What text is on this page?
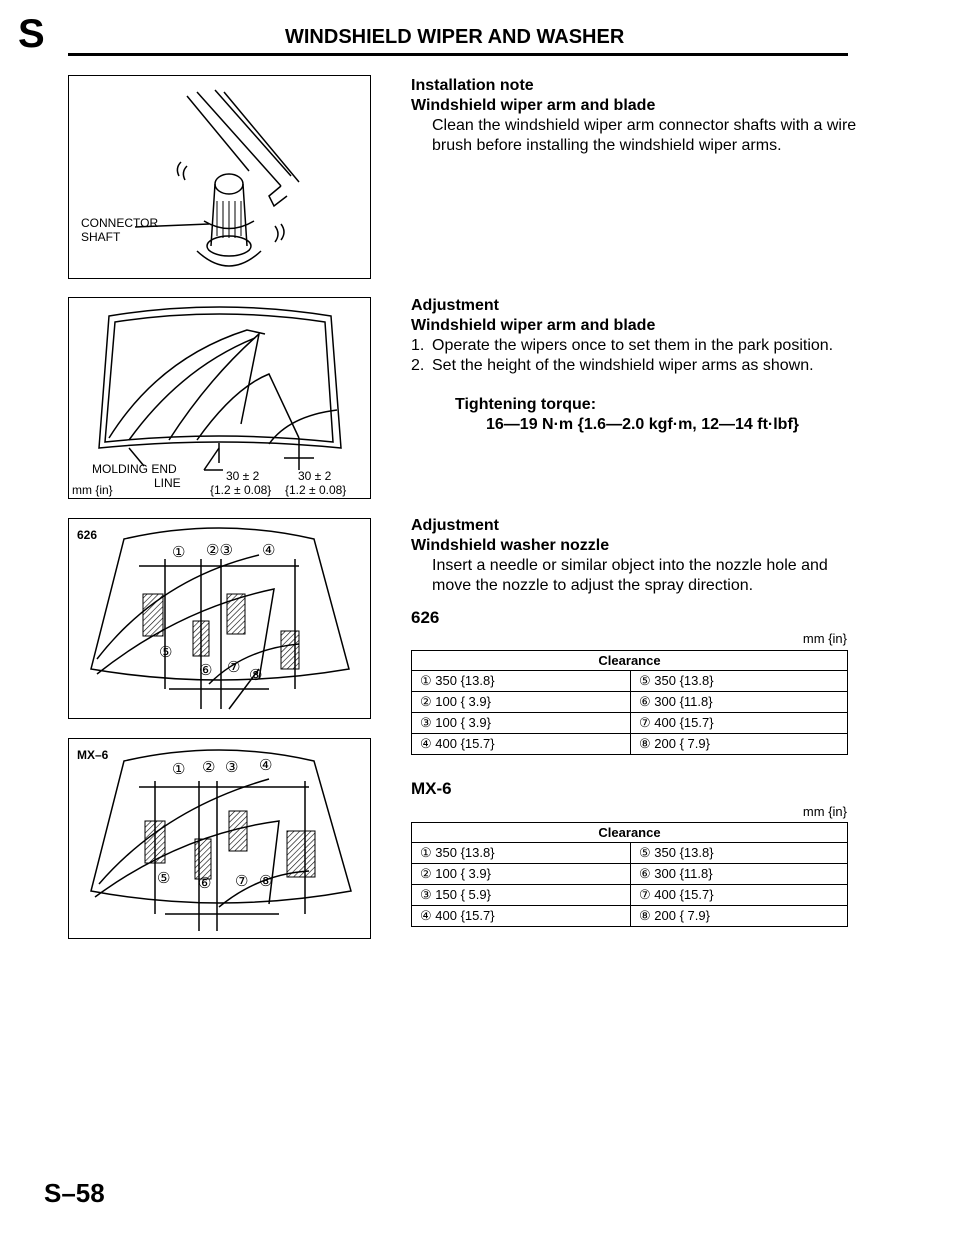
S	WINDSHIELD WIPER AND WASHER
CONNECTOR
SHAFT
MOLDING END
LINE
mm {in}
30 ± 2
{1.2 ± 0.08}
30 ± 2
{1.2 ± 0.08}
626
① ②③ ④
⑤
⑥ ⑦ ⑧
MX–6
① ② ③ ④
⑤ ⑥ ⑦ ⑧
Installation note
Windshield wiper arm and blade
Clean the windshield wiper arm connector shafts with a wire brush before installing the windshield wiper arms.
Adjustment
Windshield wiper arm and blade
1. Operate the wipers once to set them in the park position.
2. Set the height of the windshield wiper arms as shown.
Tightening torque:
16—19 N·m {1.6—2.0 kgf·m, 12—14 ft·lbf}
Adjustment
Windshield washer nozzle
Insert a needle or similar object into the nozzle hole and move the nozzle to adjust the spray direction.
626
mm {in}
Clearance	
① 350 {13.8}	⑤ 350 {13.8}
② 100 { 3.9}	⑥ 300 {11.8}
③ 100 { 3.9}	⑦ 400 {15.7}
④ 400 {15.7}	⑧ 200 { 7.9}
MX-6
mm {in}
Clearance	
① 350 {13.8}	⑤ 350 {13.8}
② 100 { 3.9}	⑥ 300 {11.8}
③ 150 { 5.9}	⑦ 400 {15.7}
④ 400 {15.7}	⑧ 200 { 7.9}
S–58
